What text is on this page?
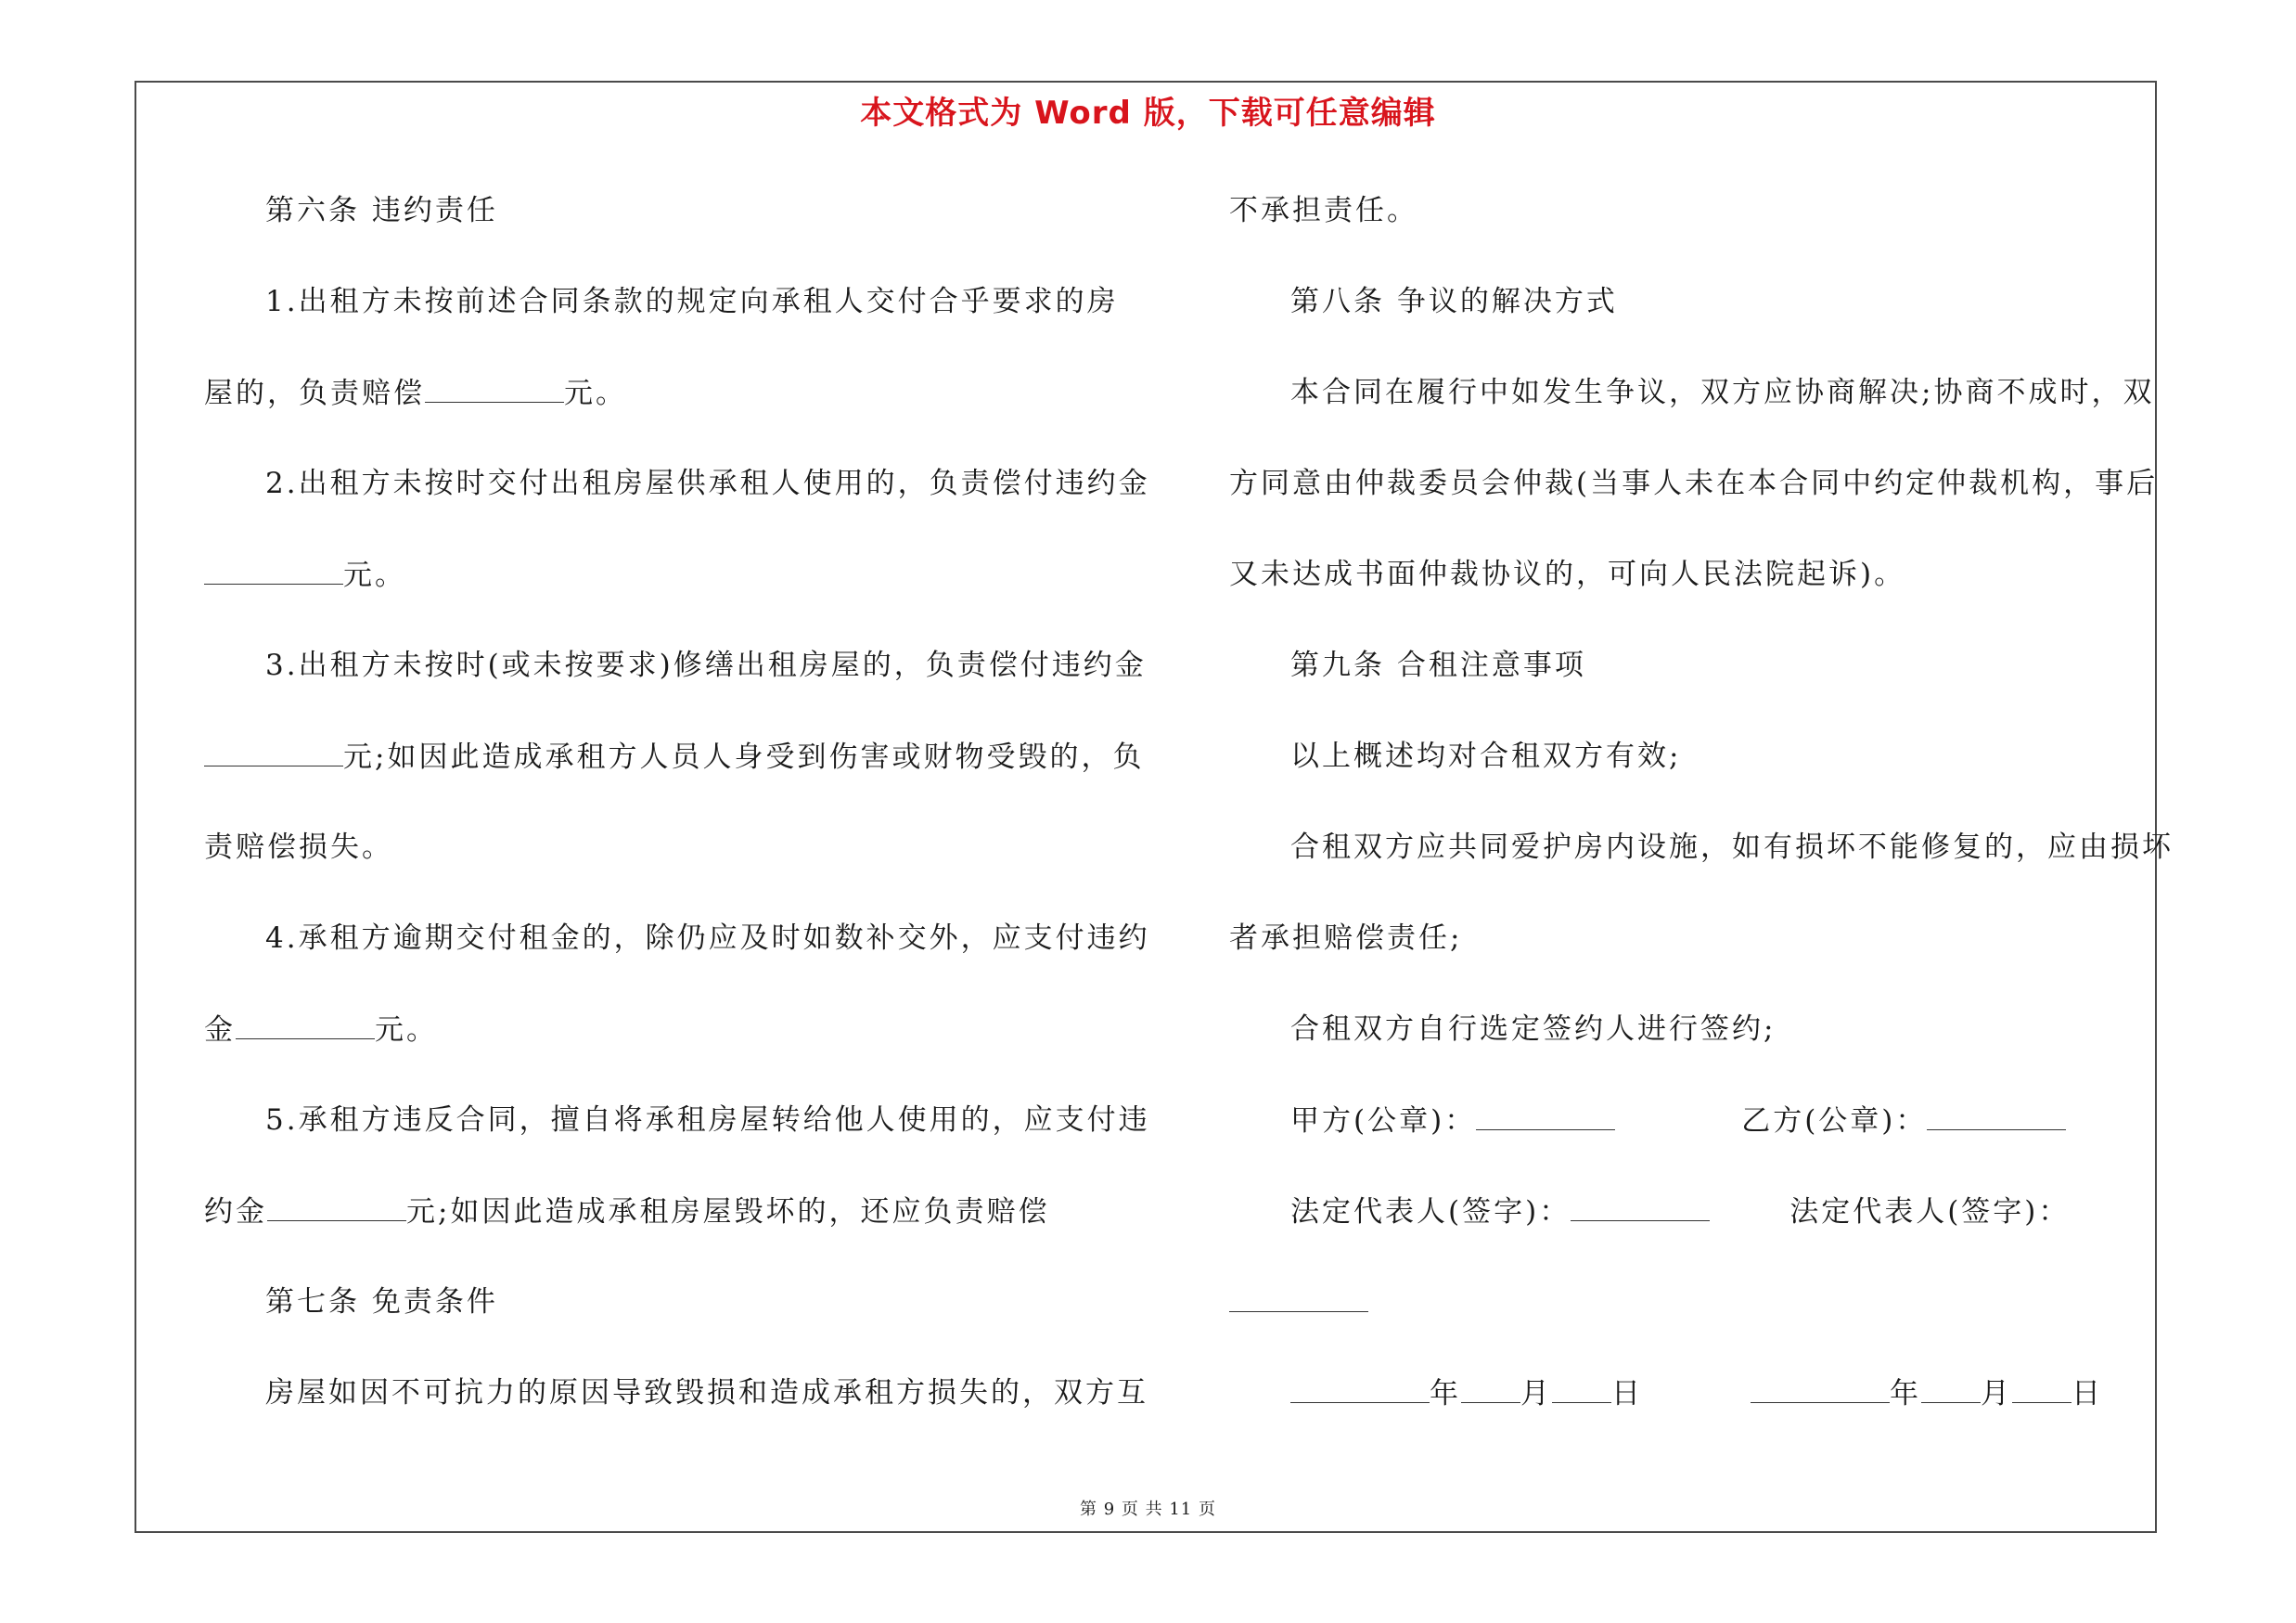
本文格式为 Word 版，下载可任意编辑
第六条 违约责任
1.出租方未按前述合同条款的规定向承租人交付合乎要求的房
屋的，负责赔偿	元。
2.出租方未按时交付出租房屋供承租人使用的，负责偿付违约金
元。
3.出租方未按时(或未按要求)修缮出租房屋的，负责偿付违约金
元;如因此造成承租方人员人身受到伤害或财物受毁的，负
责赔偿损失。
4.承租方逾期交付租金的，除仍应及时如数补交外，应支付违约
金	元。
5.承租方违反合同，擅自将承租房屋转给他人使用的，应支付违
约金	元;如因此造成承租房屋毁坏的，还应负责赔偿
第七条 免责条件
房屋如因不可抗力的原因导致毁损和造成承租方损失的，双方互
不承担责任。
第八条 争议的解决方式
本合同在履行中如发生争议，双方应协商解决;协商不成时，双
方同意由仲裁委员会仲裁(当事人未在本合同中约定仲裁机构，事后
又未达成书面仲裁协议的，可向人民法院起诉)。
第九条 合租注意事项
以上概述均对合租双方有效;
合租双方应共同爱护房内设施，如有损坏不能修复的，应由损坏
者承担赔偿责任;
合租双方自行选定签约人进行签约;
甲方(公章)：	乙方(公章)：
法定代表人(签字)：	法定代表人(签字)：
年 月 日	年 月 日
第 9 页 共 11 页
